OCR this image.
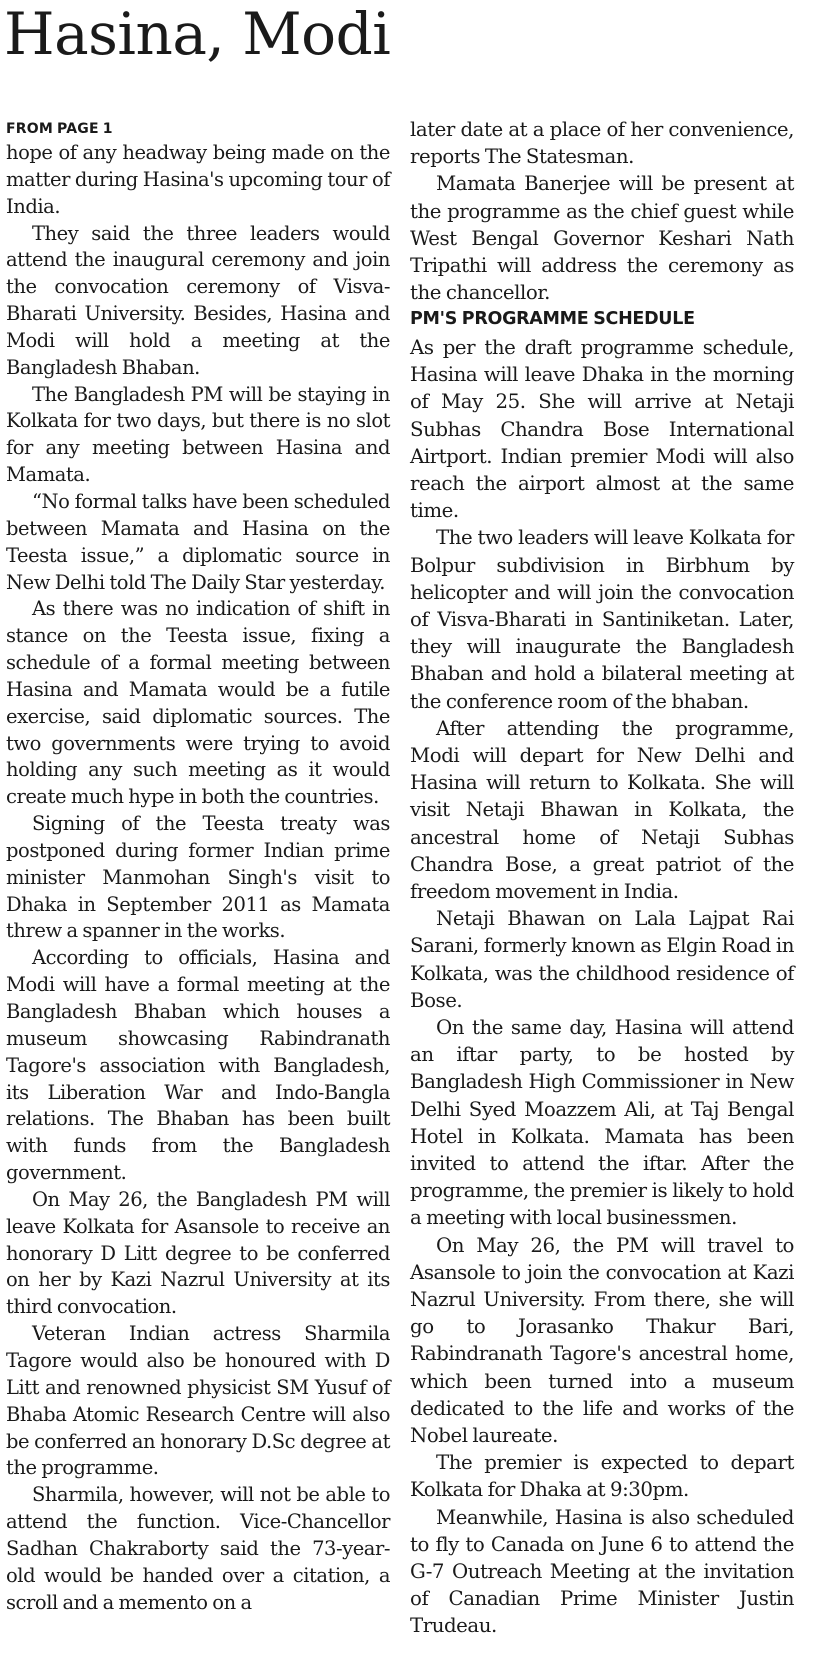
Hasina, Modi
FROM PAGE 1

hope of any headway being made on the matter during Hasina's upcoming tour of India.

They said the three leaders would attend the inaugural ceremony and join the convocation ceremony of Visva-Bharati University. Besides, Hasina and Modi will hold a meeting at the Bangladesh Bhaban.

The Bangladesh PM will be staying in Kolkata for two days, but there is no slot for any meeting between Hasina and Mamata.

“No formal talks have been scheduled between Mamata and Hasina on the Teesta issue,” a diplomatic source in New Delhi told The Daily Star yesterday.

As there was no indication of shift in stance on the Teesta issue, fixing a schedule of a formal meeting between Hasina and Mamata would be a futile exercise, said diplomatic sources. The two governments were trying to avoid holding any such meeting as it would create much hype in both the countries.

Signing of the Teesta treaty was postponed during former Indian prime minister Manmohan Singh's visit to Dhaka in September 2011 as Mamata threw a spanner in the works.

According to officials, Hasina and Modi will have a formal meeting at the Bangladesh Bhaban which houses a museum showcasing Rabindranath Tagore's association with Bangladesh, its Liberation War and Indo-Bangla relations. The Bhaban has been built with funds from the Bangladesh government.

On May 26, the Bangladesh PM will leave Kolkata for Asansole to receive an honorary D Litt degree to be conferred on her by Kazi Nazrul University at its third convocation.

Veteran Indian actress Sharmila Tagore would also be honoured with D Litt and renowned physicist SM Yusuf of Bhaba Atomic Research Centre will also be conferred an honorary D.Sc degree at the programme.

Sharmila, however, will not be able to attend the function. Vice-Chancellor Sadhan Chakraborty said the 73-year-old would be handed over a citation, a scroll and a memento on a

later date at a place of her convenience, reports The Statesman.

Mamata Banerjee will be present at the programme as the chief guest while West Bengal Governor Keshari Nath Tripathi will address the ceremony as the chancellor.

PM'S PROGRAMME SCHEDULE

As per the draft programme schedule, Hasina will leave Dhaka in the morning of May 25. She will arrive at Netaji Subhas Chandra Bose International Airtport. Indian premier Modi will also reach the airport almost at the same time.

The two leaders will leave Kolkata for Bolpur subdivision in Birbhum by helicopter and will join the convocation of Visva-Bharati in Santiniketan. Later, they will inaugurate the Bangladesh Bhaban and hold a bilateral meeting at the conference room of the bhaban.

After attending the programme, Modi will depart for New Delhi and Hasina will return to Kolkata. She will visit Netaji Bhawan in Kolkata, the ancestral home of Netaji Subhas Chandra Bose, a great patriot of the freedom movement in India.

Netaji Bhawan on Lala Lajpat Rai Sarani, formerly known as Elgin Road in Kolkata, was the childhood residence of Bose.

On the same day, Hasina will attend an iftar party, to be hosted by Bangladesh High Commissioner in New Delhi Syed Moazzem Ali, at Taj Bengal Hotel in Kolkata. Mamata has been invited to attend the iftar. After the programme, the premier is likely to hold a meeting with local businessmen.

On May 26, the PM will travel to Asansole to join the convocation at Kazi Nazrul University. From there, she will go to Jorasanko Thakur Bari, Rabindranath Tagore's ancestral home, which been turned into a museum dedicated to the life and works of the Nobel laureate.

The premier is expected to depart Kolkata for Dhaka at 9:30pm.

Meanwhile, Hasina is also scheduled to fly to Canada on June 6 to attend the G-7 Outreach Meeting at the invitation of Canadian Prime Minister Justin Trudeau.
